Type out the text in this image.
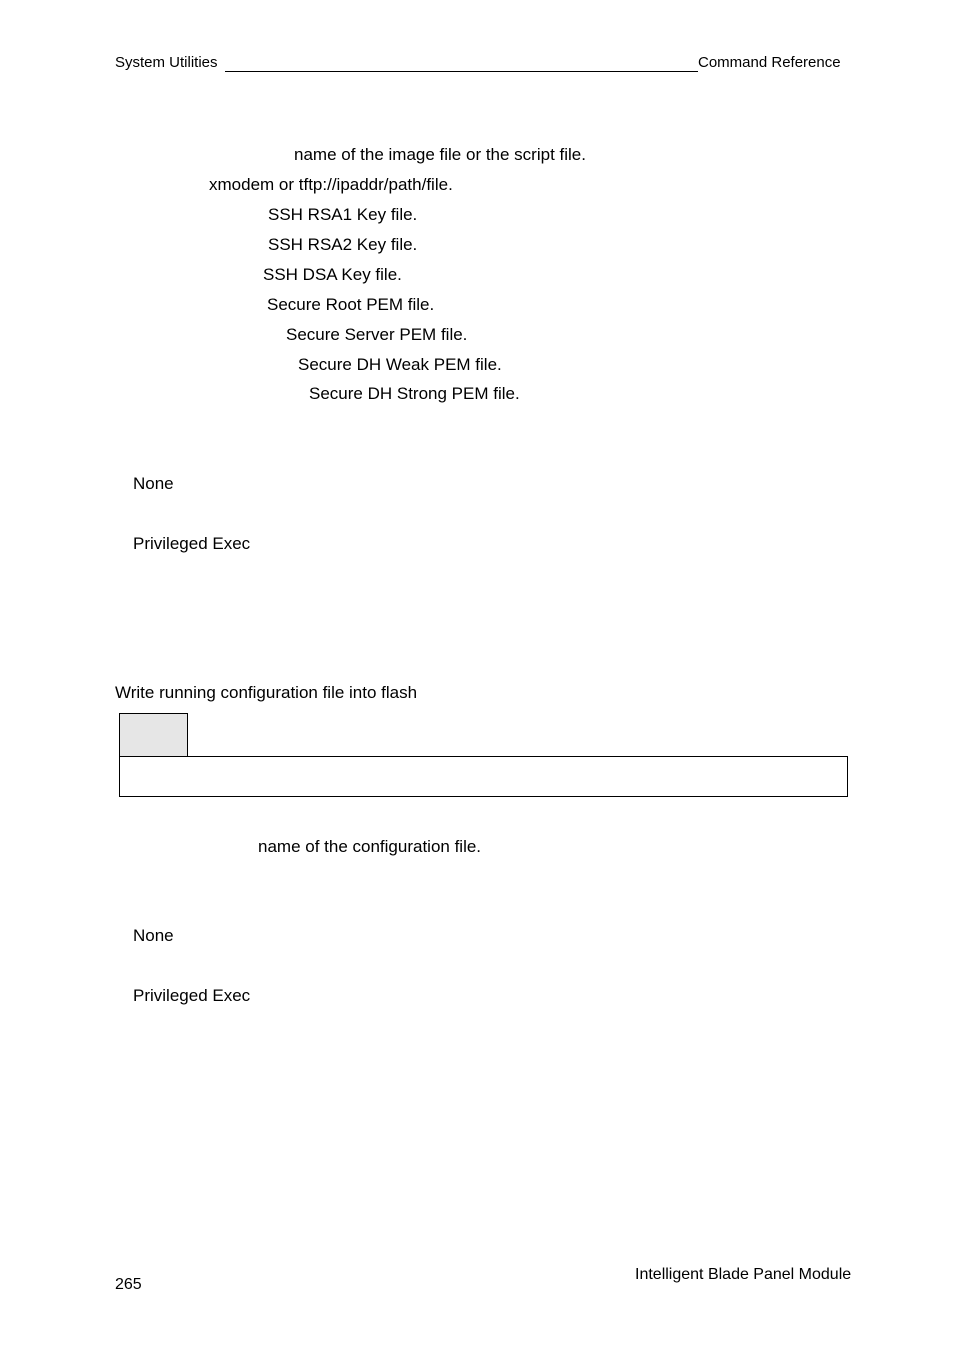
System Utilities	Command Reference
name of the image file or the script file.
xmodem or tftp://ipaddr/path/file.
SSH RSA1 Key file.
SSH RSA2 Key file.
SSH DSA Key file.
Secure Root PEM file.
Secure Server PEM file.
Secure DH Weak PEM file.
Secure DH Strong PEM file.
None
Privileged Exec
Write running configuration file into flash
name of the configuration file.
None
Privileged Exec
265
Intelligent Blade Panel Module
